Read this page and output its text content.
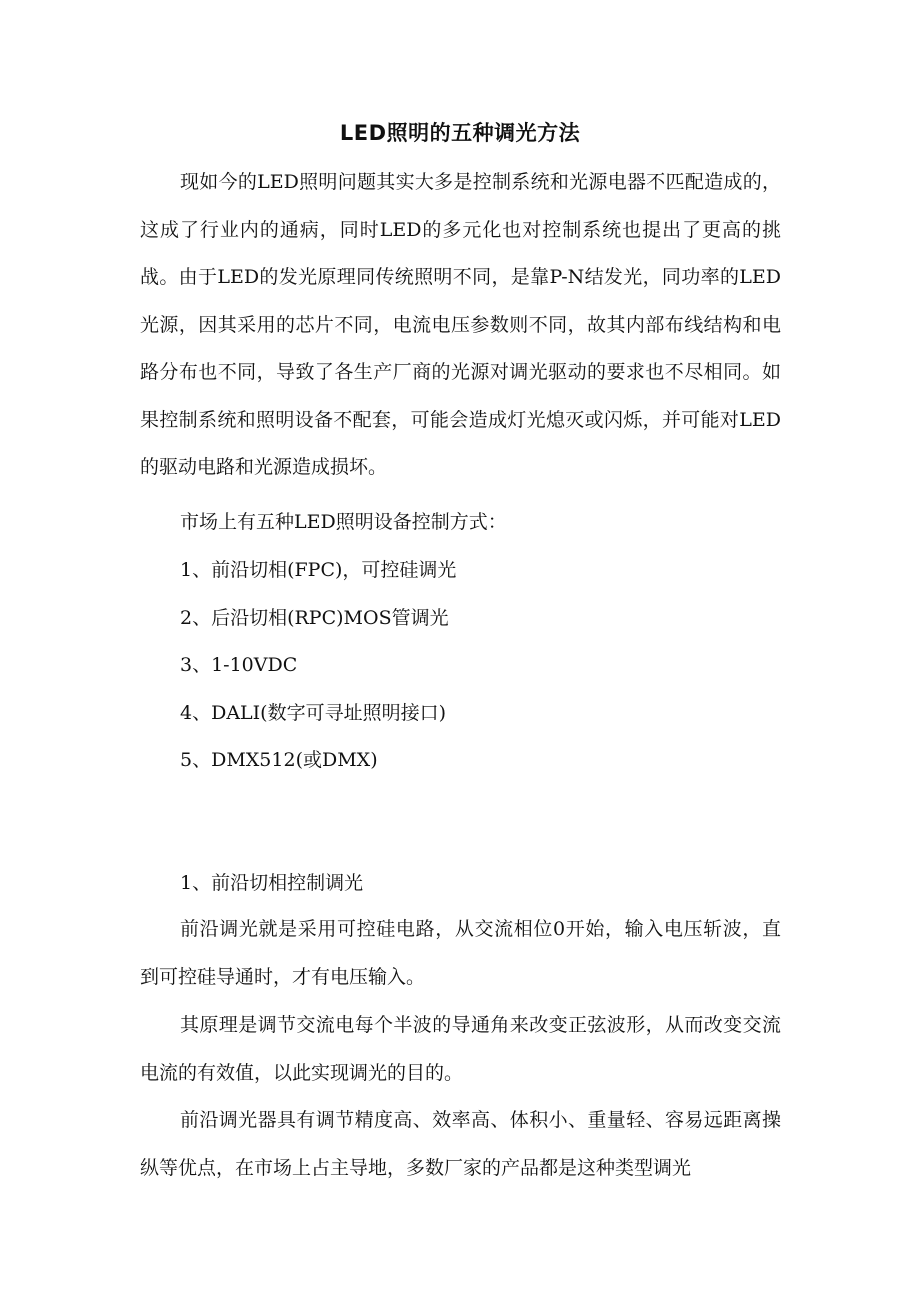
LED照明的五种调光方法

现如今的LED照明问题其实大多是控制系统和光源电器不匹配造成的，这成了行业内的通病，同时LED的多元化也对控制系统也提出了更高的挑战。由于LED的发光原理同传统照明不同，是靠P-N结发光，同功率的LED光源，因其采用的芯片不同，电流电压参数则不同，故其内部布线结构和电路分布也不同，导致了各生产厂商的光源对调光驱动的要求也不尽相同。如果控制系统和照明设备不配套，可能会造成灯光熄灭或闪烁，并可能对LED的驱动电路和光源造成损坏。

市场上有五种LED照明设备控制方式：
1、前沿切相(FPC)，可控硅调光
2、后沿切相(RPC)MOS管调光
3、1-10VDC
4、DALI(数字可寻址照明接口)
5、DMX512(或DMX)
1、前沿切相控制调光

前沿调光就是采用可控硅电路，从交流相位0开始，输入电压斩波，直到可控硅导通时，才有电压输入。

其原理是调节交流电每个半波的导通角来改变正弦波形，从而改变交流电流的有效值，以此实现调光的目的。

前沿调光器具有调节精度高、效率高、体积小、重量轻、容易远距离操纵等优点，在市场上占主导地，多数厂家的产品都是这种类型调光
